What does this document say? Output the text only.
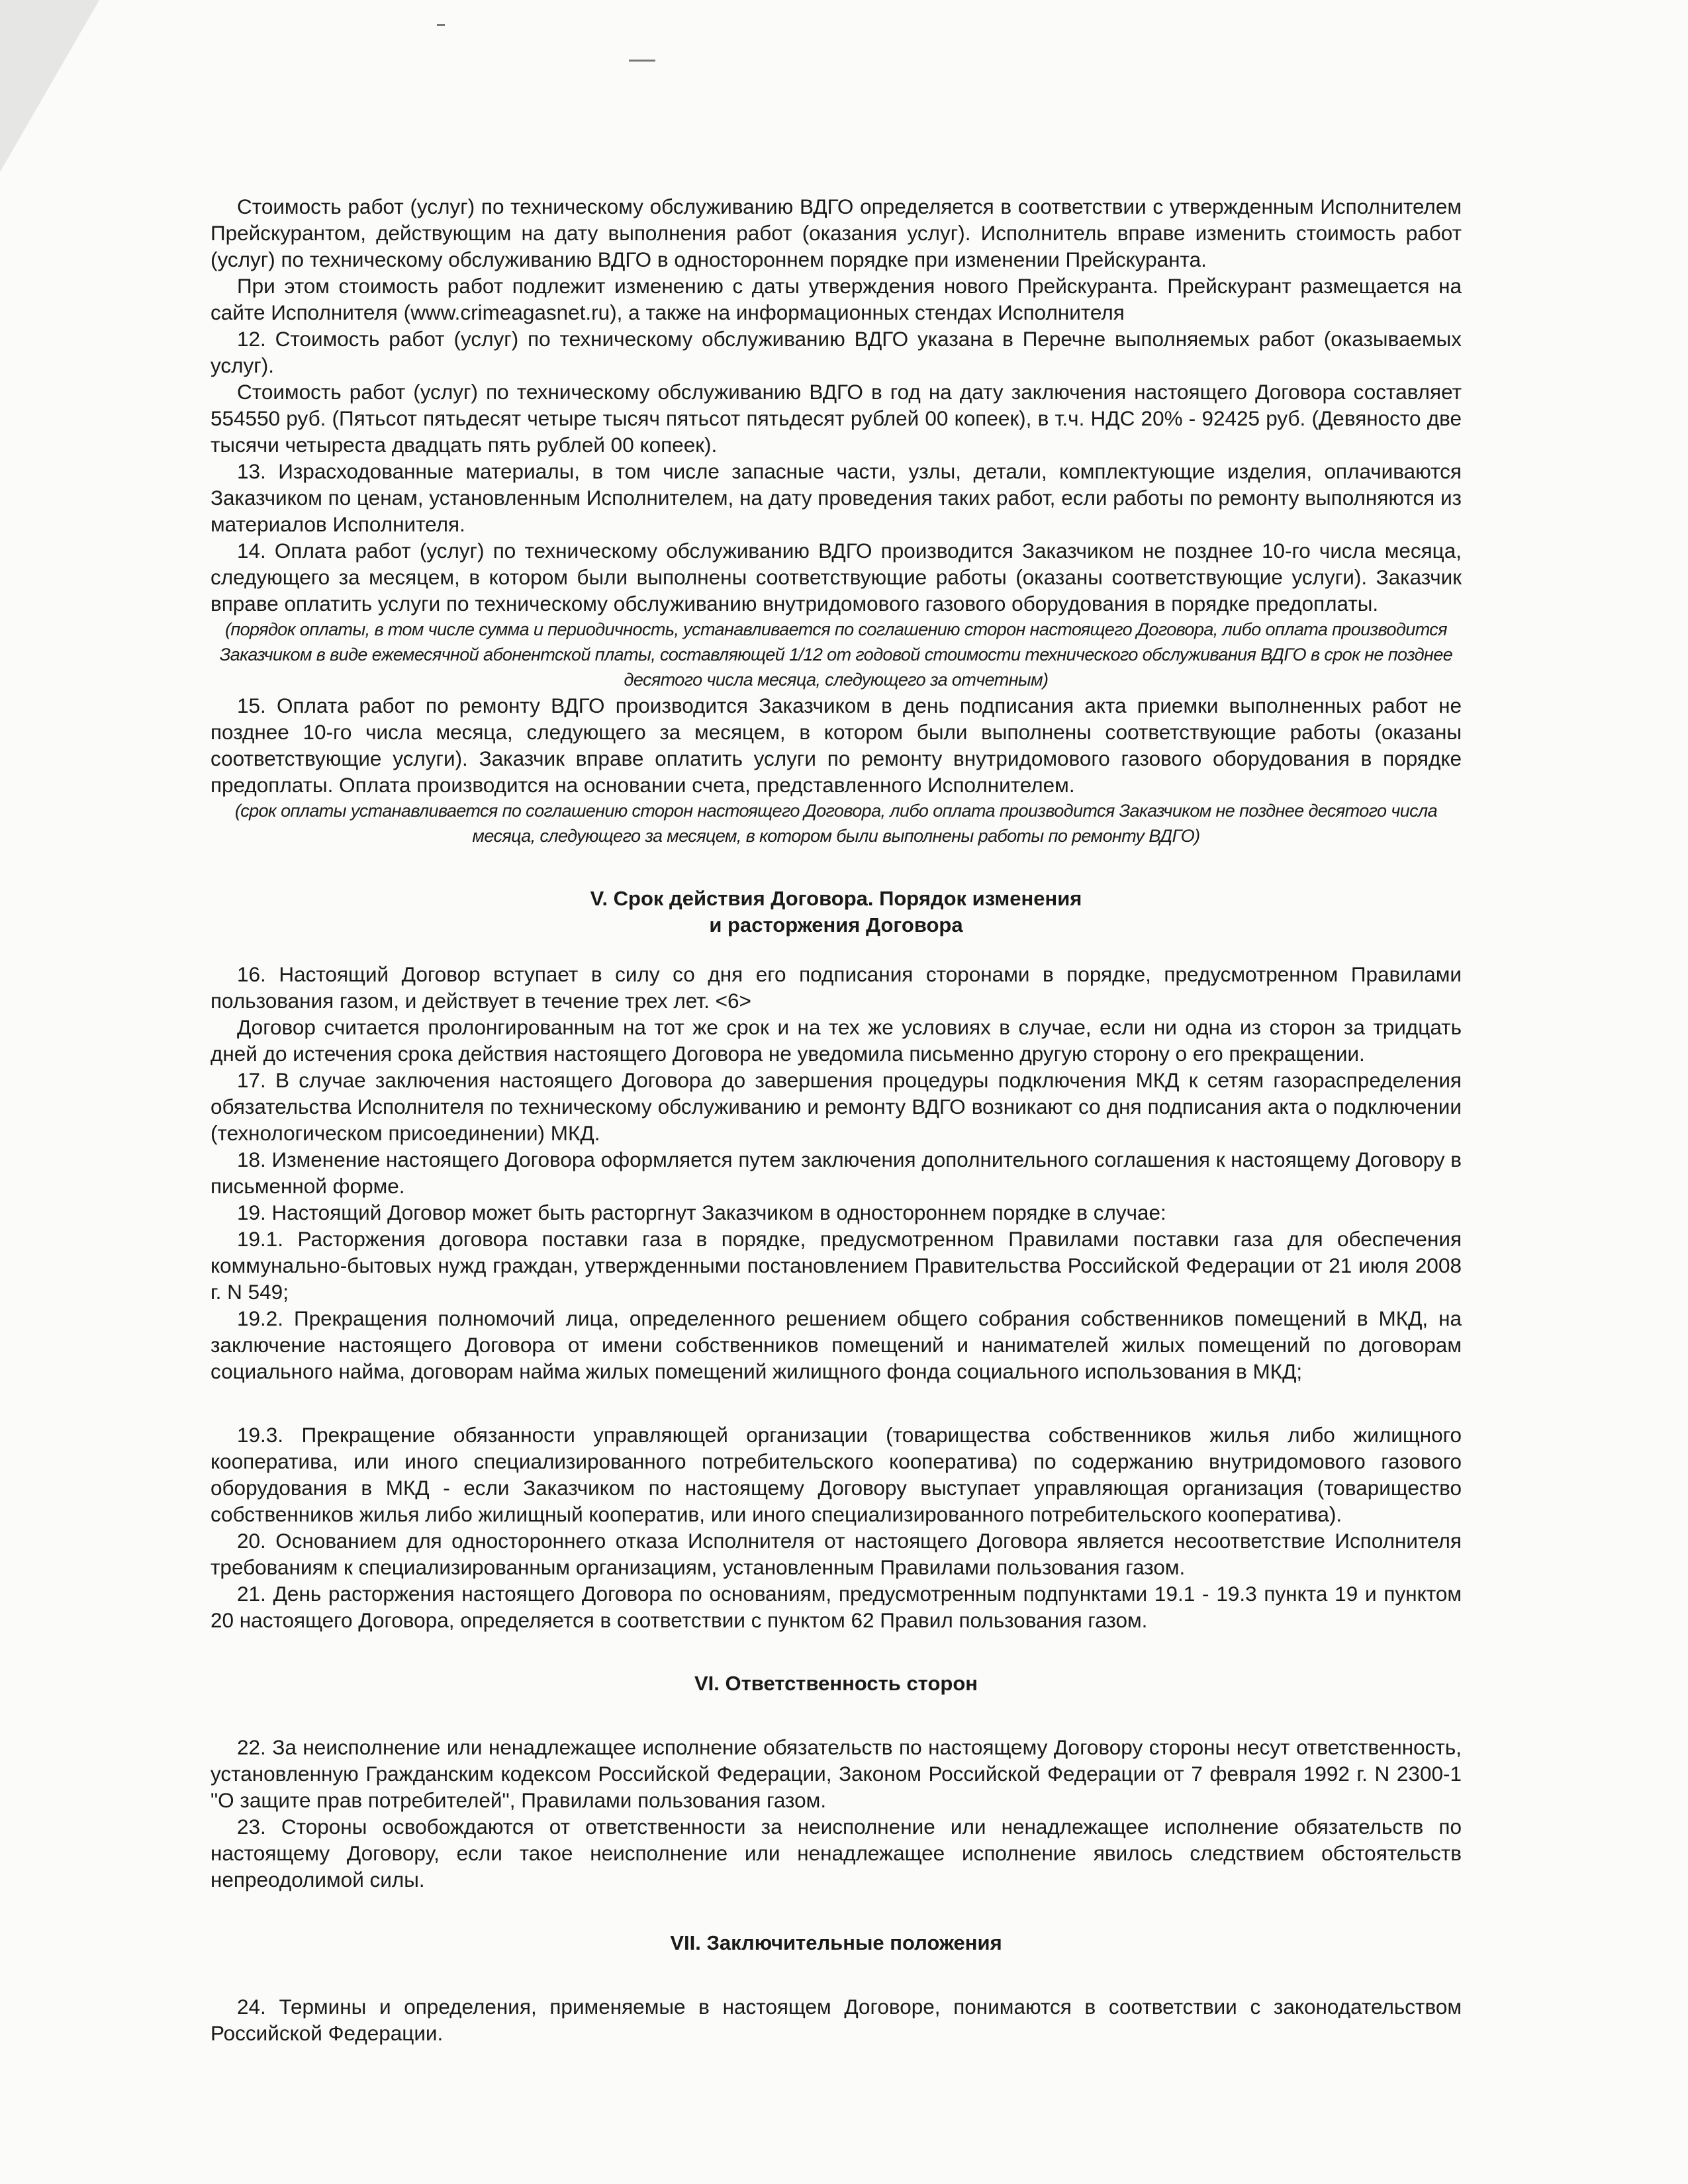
Стоимость работ (услуг) по техническому обслуживанию ВДГО определяется в соответствии с утвержденным Исполнителем Прейскурантом, действующим на дату выполнения работ (оказания услуг). Исполнитель вправе изменить стоимость работ (услуг) по техническому обслуживанию ВДГО в одностороннем порядке при изменении Прейскуранта.

При этом стоимость работ подлежит изменению с даты утверждения нового Прейскуранта. Прейскурант размещается на сайте Исполнителя (www.crimeagasnet.ru), а также на информационных стендах Исполнителя

12. Стоимость работ (услуг) по техническому обслуживанию ВДГО указана в Перечне выполняемых работ (оказываемых услуг).

Стоимость работ (услуг) по техническому обслуживанию ВДГО в год на дату заключения настоящего Договора составляет 554550 руб. (Пятьсот пятьдесят четыре тысяч пятьсот пятьдесят рублей 00 копеек), в т.ч. НДС 20% - 92425 руб. (Девяносто две тысячи четыреста двадцать пять рублей 00 копеек).

13. Израсходованные материалы, в том числе запасные части, узлы, детали, комплектующие изделия, оплачиваются Заказчиком по ценам, установленным Исполнителем, на дату проведения таких работ, если работы по ремонту выполняются из материалов Исполнителя.

14. Оплата работ (услуг) по техническому обслуживанию ВДГО производится Заказчиком не позднее 10-го числа месяца, следующего за месяцем, в котором были выполнены соответствующие работы (оказаны соответствующие услуги). Заказчик вправе оплатить услуги по техническому обслуживанию внутридомового газового оборудования в порядке предоплаты.

(порядок оплаты, в том числе сумма и периодичность, устанавливается по соглашению сторон настоящего Договора, либо оплата производится Заказчиком в виде ежемесячной абонентской платы, составляющей 1/12 от годовой стоимости технического обслуживания ВДГО в срок не позднее десятого числа месяца, следующего за отчетным)

15. Оплата работ по ремонту ВДГО производится Заказчиком в день подписания акта приемки выполненных работ не позднее 10-го числа месяца, следующего за месяцем, в котором были выполнены соответствующие работы (оказаны соответствующие услуги). Заказчик вправе оплатить услуги по ремонту внутридомового газового оборудования в порядке предоплаты. Оплата производится на основании счета, представленного Исполнителем.

(срок оплаты устанавливается по соглашению сторон настоящего Договора, либо оплата производится Заказчиком не позднее десятого числа месяца, следующего за месяцем, в котором были выполнены работы по ремонту ВДГО)

V. Срок действия Договора. Порядок изменения
и расторжения Договора

16. Настоящий Договор вступает в силу со дня его подписания сторонами в порядке, предусмотренном Правилами пользования газом, и действует в течение трех лет. <6>

Договор считается пролонгированным на тот же срок и на тех же условиях в случае, если ни одна из сторон за тридцать дней до истечения срока действия настоящего Договора не уведомила письменно другую сторону о его прекращении.

17. В случае заключения настоящего Договора до завершения процедуры подключения МКД к сетям газораспределения обязательства Исполнителя по техническому обслуживанию и ремонту ВДГО возникают со дня подписания акта о подключении (технологическом присоединении) МКД.

18. Изменение настоящего Договора оформляется путем заключения дополнительного соглашения к настоящему Договору в письменной форме.

19. Настоящий Договор может быть расторгнут Заказчиком в одностороннем порядке в случае:

19.1. Расторжения договора поставки газа в порядке, предусмотренном Правилами поставки газа для обеспечения коммунально-бытовых нужд граждан, утвержденными постановлением Правительства Российской Федерации от 21 июля 2008 г. N 549;

19.2. Прекращения полномочий лица, определенного решением общего собрания собственников помещений в МКД, на заключение настоящего Договора от имени собственников помещений и нанимателей жилых помещений по договорам социального найма, договорам найма жилых помещений жилищного фонда социального использования в МКД;

19.3. Прекращение обязанности управляющей организации (товарищества собственников жилья либо жилищного кооператива, или иного специализированного потребительского кооператива) по содержанию внутридомового газового оборудования в МКД - если Заказчиком по настоящему Договору выступает управляющая организация (товарищество собственников жилья либо жилищный кооператив, или иного специализированного потребительского кооператива).

20. Основанием для одностороннего отказа Исполнителя от настоящего Договора является несоответствие Исполнителя требованиям к специализированным организациям, установленным Правилами пользования газом.

21. День расторжения настоящего Договора по основаниям, предусмотренным подпунктами 19.1 - 19.3 пункта 19 и пунктом 20 настоящего Договора, определяется в соответствии с пунктом 62 Правил пользования газом.

VI. Ответственность сторон

22. За неисполнение или ненадлежащее исполнение обязательств по настоящему Договору стороны несут ответственность, установленную Гражданским кодексом Российской Федерации, Законом Российской Федерации от 7 февраля 1992 г. N 2300-1 "О защите прав потребителей", Правилами пользования газом.

23. Стороны освобождаются от ответственности за неисполнение или ненадлежащее исполнение обязательств по настоящему Договору, если такое неисполнение или ненадлежащее исполнение явилось следствием обстоятельств непреодолимой силы.

VII. Заключительные положения

24. Термины и определения, применяемые в настоящем Договоре, понимаются в соответствии с законодательством Российской Федерации.
